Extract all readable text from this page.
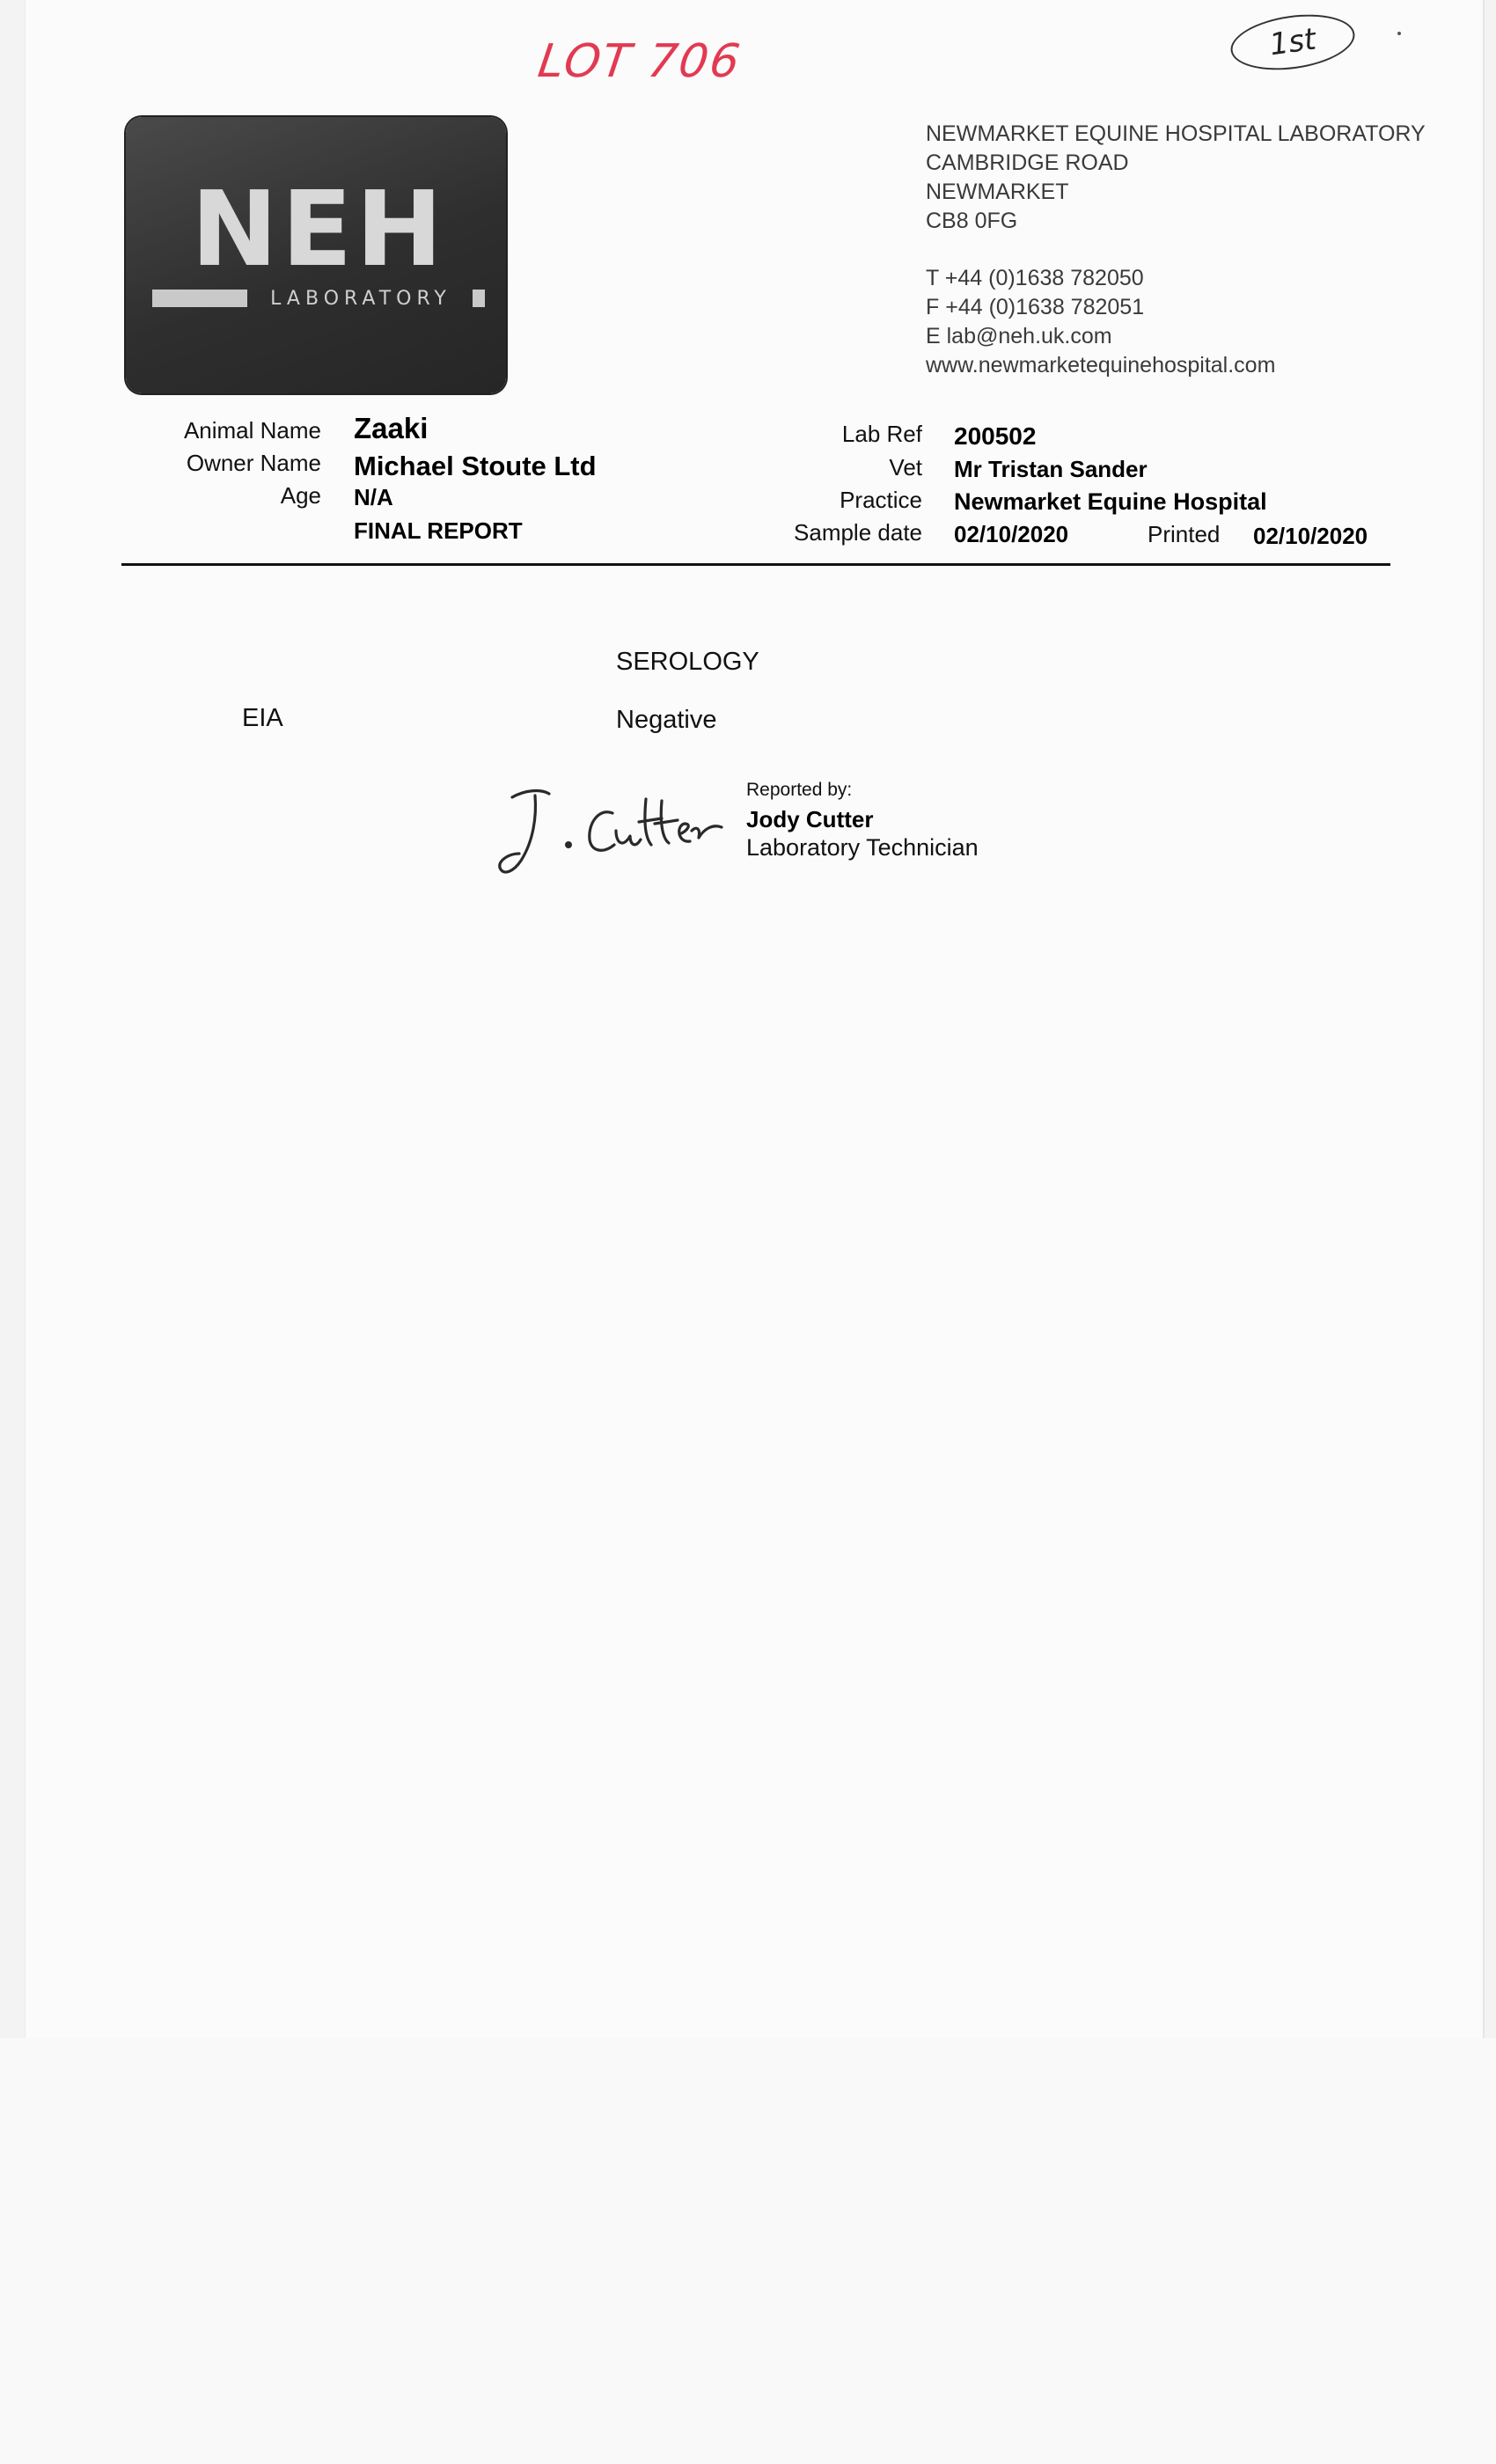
LOT 706	1st
NEH
LABORATORY
NEWMARKET EQUINE HOSPITAL LABORATORY
CAMBRIDGE ROAD
NEWMARKET
CB8 0FG
T +44 (0)1638 782050
F +44 (0)1638 782051
E lab@neh.uk.com
www.newmarketequinehospital.com
Animal Name Zaaki
Owner Name Michael Stoute Ltd
Age N/A
FINAL REPORT
Lab Ref 200502
Vet Mr Tristan Sander
Practice Newmarket Equine Hospital
Sample date 02/10/2020	Printed 02/10/2020
SEROLOGY
EIA	Negative
Reported by:
Jody Cutter
Laboratory Technician
